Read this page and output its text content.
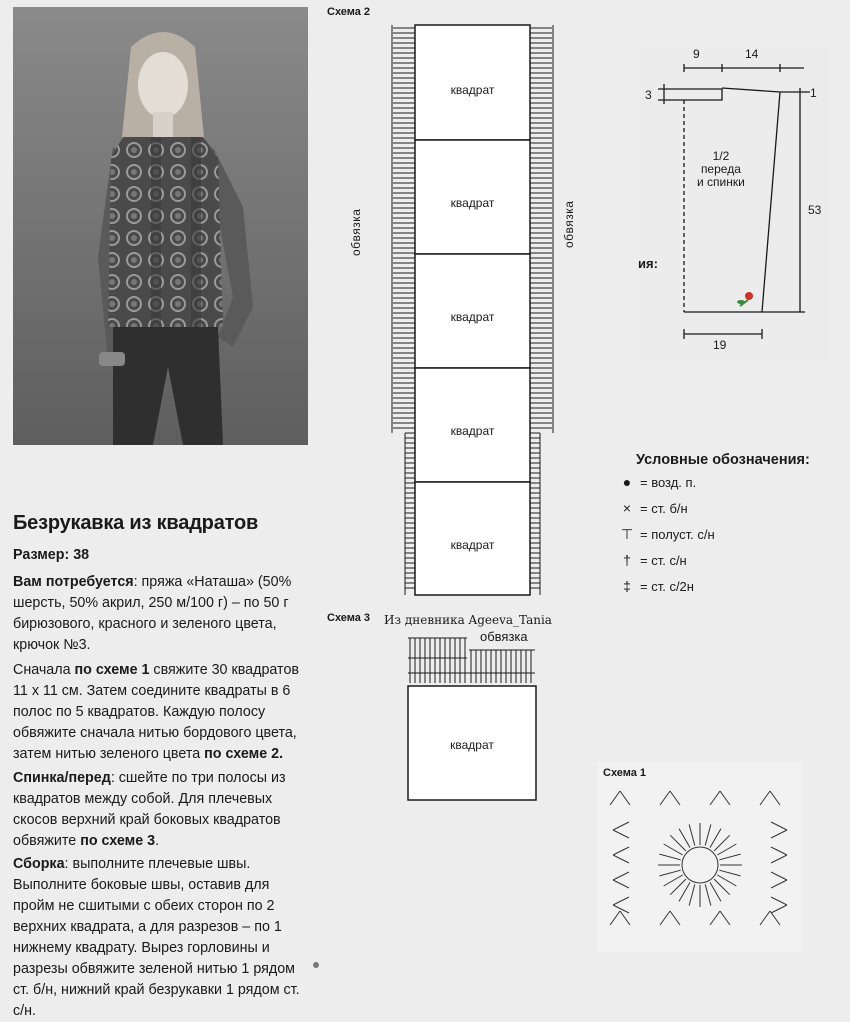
Безрукавка из квадратов
Размер: 38
Вам потребуется: пряжа «Наташа» (50% шерсть, 50% акрил, 250 м/100 г) – по 50 г бирюзового, красного и зеленого цвета, крючок №3.
Сначала по схеме 1 свяжите 30 квадратов 11 х 11 см. Затем соедините квадраты в 6 полос по 5 квадратов. Каждую полосу обвяжите сначала нитью бордового цвета, затем нитью зеленого цвета по схеме 2.
Спинка/перед: сшейте по три полосы из квадратов между собой. Для плечевых скосов верхний край боковых квадратов обвяжите по схеме 3.
Сборка: выполните плечевые швы. Выполните боковые швы, оставив для пройм не сшитыми с обеих сторон по 2 верхних квадрата, а для разрезов – по 1 нижнему квадрату. Вырез горловины и разрезы обвяжите зеленой нитью 1 рядом ст. б/н, нижний край безрукавки 1 рядом ст. с/н.
Схема 2
квадрат
квадрат
квадрат
квадрат
квадрат
обвязка	обвязка
Схема 3 Из дневника Ageeva_Tania
обвязка
квадрат
9	14
3	1
53
19
1/2
переда
и спинки
ия:
Условные обозначения:
● = возд. п.
× = ст. б/н
⊤ = полуст. с/н
† = ст. с/н
‡ = ст. с/2н
Схема 1
